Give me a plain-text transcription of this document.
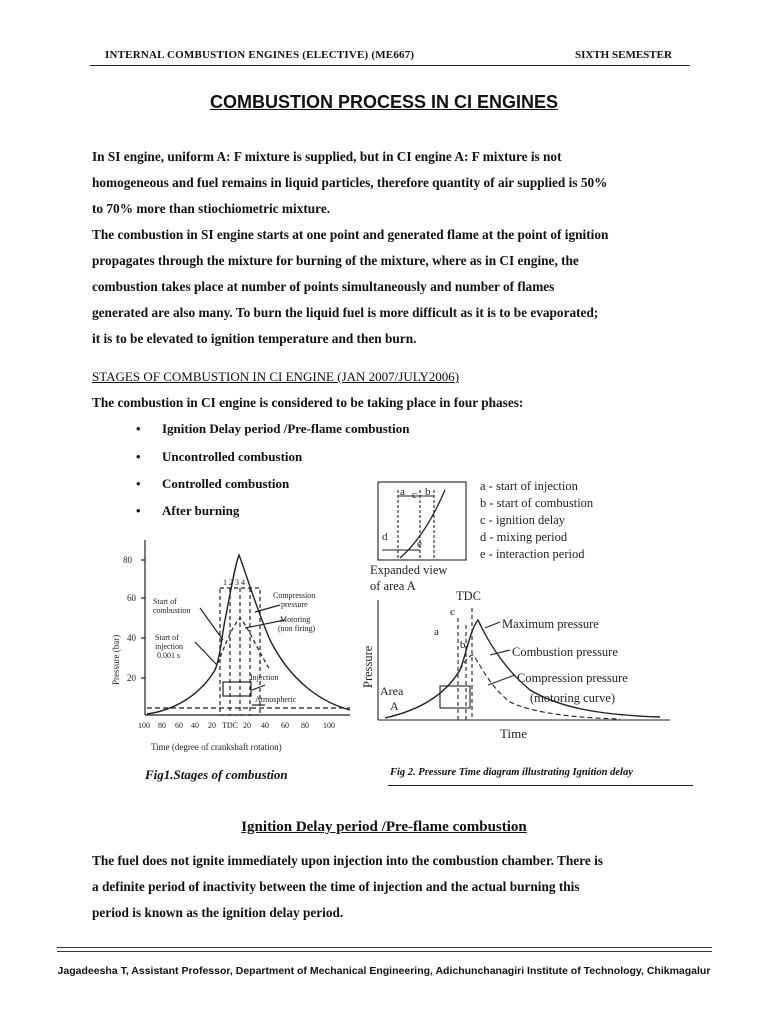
INTERNAL COMBUSTION ENGINES (ELECTIVE) (ME667)	SIXTH SEMESTER
COMBUSTION PROCESS IN CI ENGINES
In SI engine, uniform A: F mixture is supplied, but in CI engine A: F mixture is not
homogeneous and fuel remains in liquid particles, therefore quantity of air supplied is 50%
to 70% more than stiochiometric mixture.
The combustion in SI engine starts at one point and generated flame at the point of ignition
propagates through the mixture for burning of the mixture, where as in CI engine, the
combustion takes place at number of points simultaneously and number of flames
generated are also many. To burn the liquid fuel is more difficult as it is to be evaporated;
it is to be elevated to ignition temperature and then burn.
STAGES OF COMBUSTION IN CI ENGINE (JAN 2007/JULY2006)
The combustion in CI engine is considered to be taking place in four phases:
• Ignition Delay period /Pre-flame combustion
• Uncontrolled combustion
• Controlled combustion
• After burning
80
60
40
20
Pressure (bar)
100 80 60 40 20 TDC 20 40 60 80 100
Time (degree of crankshaft rotation)
1 2 3 4
Start of
combustion
Start of
injection
0.001 s
Compression
pressure
Motoring
(non firing)
Injection
Atmospheric
a c b
d
e
a - start of injection
b - start of combustion
c - ignition delay
d - mixing period
e - interaction period
Expanded view
of area A
TDC
c
a
b
Pressure
Time
Area
A
Maximum pressure
Combustion pressure
Compression pressure
(motoring curve)
Fig1.Stages of combustion	Fig 2. Pressure Time diagram illustrating Ignition delay
Ignition Delay period /Pre-flame combustion
The fuel does not ignite immediately upon injection into the combustion chamber. There is
a definite period of inactivity between the time of injection and the actual burning this
period is known as the ignition delay period.
Jagadeesha T, Assistant Professor, Department of Mechanical Engineering, Adichunchanagiri Institute of Technology, Chikmagalur
